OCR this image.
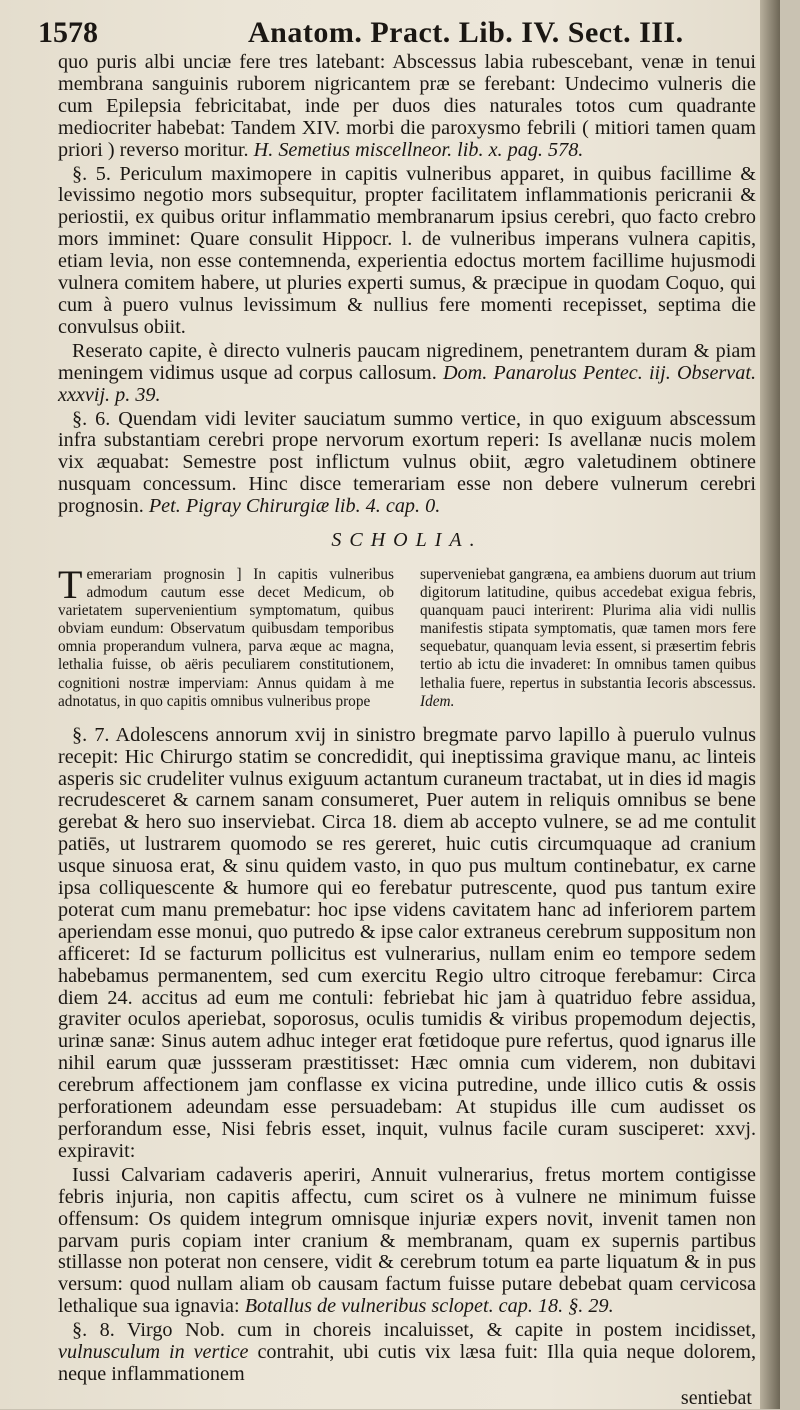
1578	Anatom. Pract. Lib. IV. Sect. III.

quo puris albi unciæ fere tres latebant: Abscessus labia rubescebant, venæ in tenui membrana sanguinis ruborem nigricantem præ se ferebant: Undecimo vulneris die cum Epilepsia febricitabat, inde per duos dies naturales totos cum quadrante mediocriter habebat: Tandem XIV. morbi die paroxysmo febrili ( mitiori tamen quam priori ) reverso moritur. H. Semetius miscellneor. lib. x. pag. 578.

§. 5. Periculum maximopere in capitis vulneribus apparet, in quibus facillime & levissimo negotio mors subsequitur, propter facilitatem inflammationis pericranii & periostii, ex quibus oritur inflammatio membranarum ipsius cerebri, quo facto crebro mors imminet: Quare consulit Hippocr. l. de vulneribus imperans vulnera capitis, etiam levia, non esse contemnenda, experientia edoctus mortem facillime hujusmodi vulnera comitem habere, ut pluries experti sumus, & præcipue in quodam Coquo, qui cum à puero vulnus levissimum & nullius fere momenti recepisset, septima die convulsus obiit.

Reserato capite, è directo vulneris paucam nigredinem, penetrantem duram & piam meningem vidimus usque ad corpus callosum. Dom. Panarolus Pentec. iij. Observat. xxxvij. p. 39.

§. 6. Quendam vidi leviter sauciatum summo vertice, in quo exiguum abscessum infra substantiam cerebri prope nervorum exortum reperi: Is avellanæ nucis molem vix æquabat: Semestre post inflictum vulnus obiit, ægro valetudinem obtinere nusquam concessum. Hinc disce temerariam esse non debere vulnerum cerebri prognosin. Pet. Pigray Chirurgiæ lib. 4. cap. 0.

SCHOLIA.

T emerariam prognosin ] In capitis vulneribus admodum cautum esse decet Medicum, ob varietatem supervenientium symptomatum, quibus obviam eundum: Observatum quibusdam temporibus omnia properandum vulnera, parva æque ac magna, lethalia fuisse, ob aëris peculiarem constitutionem, cognitioni nostræ imperviam: Annus quidam à me adnotatus, in quo capitis omnibus vulneribus prope

superveniebat gangræna, ea ambiens duorum aut trium digitorum latitudine, quibus accedebat exigua febris, quanquam pauci interirent: Plurima alia vidi nullis manifestis stipata symptomatis, quæ tamen mors fere sequebatur, quanquam levia essent, si præsertim febris tertio ab ictu die invaderet: In omnibus tamen quibus lethalia fuere, repertus in substantia Iecoris abscessus. Idem.

§. 7. Adolescens annorum xvij in sinistro bregmate parvo lapillo à puerulo vulnus recepit: Hic Chirurgo statim se concredidit, qui ineptissima gravique manu, ac linteis asperis sic crudeliter vulnus exiguum actantum curaneum tractabat, ut in dies id magis recrudesceret & carnem sanam consumeret, Puer autem in reliquis omnibus se bene gerebat & hero suo inserviebat. Circa 18. diem ab accepto vulnere, se ad me contulit patiēs, ut lustrarem quomodo se res gereret, huic cutis circumquaque ad cranium usque sinuosa erat, & sinu quidem vasto, in quo pus multum continebatur, ex carne ipsa colliquescente & humore qui eo ferebatur putrescente, quod pus tantum exire poterat cum manu premebatur: hoc ipse videns cavitatem hanc ad inferiorem partem aperiendam esse monui, quo putredo & ipse calor extraneus cerebrum suppositum non afficeret: Id se facturum pollicitus est vulnerarius, nullam enim eo tempore sedem habebamus permanentem, sed cum exercitu Regio ultro citroque ferebamur: Circa diem 24. accitus ad eum me contuli: febriebat hic jam à quatriduo febre assidua, graviter oculos aperiebat, soporosus, oculis tumidis & viribus propemodum dejectis, urinæ sanæ: Sinus autem adhuc integer erat fœtidoque pure refertus, quod ignarus ille nihil earum quæ jussseram præstitisset: Hæc omnia cum viderem, non dubitavi cerebrum affectionem jam conflasse ex vicina putredine, unde illico cutis & ossis perforationem adeundam esse persuadebam: At stupidus ille cum audisset os perforandum esse, Nisi febris esset, inquit, vulnus facile curam susciperet: xxvj. expiravit:

Iussi Calvariam cadaveris aperiri, Annuit vulnerarius, fretus mortem contigisse febris injuria, non capitis affectu, cum sciret os à vulnere ne minimum fuisse offensum: Os quidem integrum omnisque injuriæ expers novit, invenit tamen non parvam puris copiam inter cranium & membranam, quam ex supernis partibus stillasse non poterat non censere, vidit & cerebrum totum ea parte liquatum & in pus versum: quod nullam aliam ob causam factum fuisse putare debebat quam cervicosa lethalique sua ignavia: Botallus de vulneribus sclopet. cap. 18. §. 29.

§. 8. Virgo Nob. cum in choreis incaluisset, & capite in postem incidisset, vulnusculum in vertice contrahit, ubi cutis vix læsa fuit: Illa quia neque dolorem, neque inflammationem

sentiebat
